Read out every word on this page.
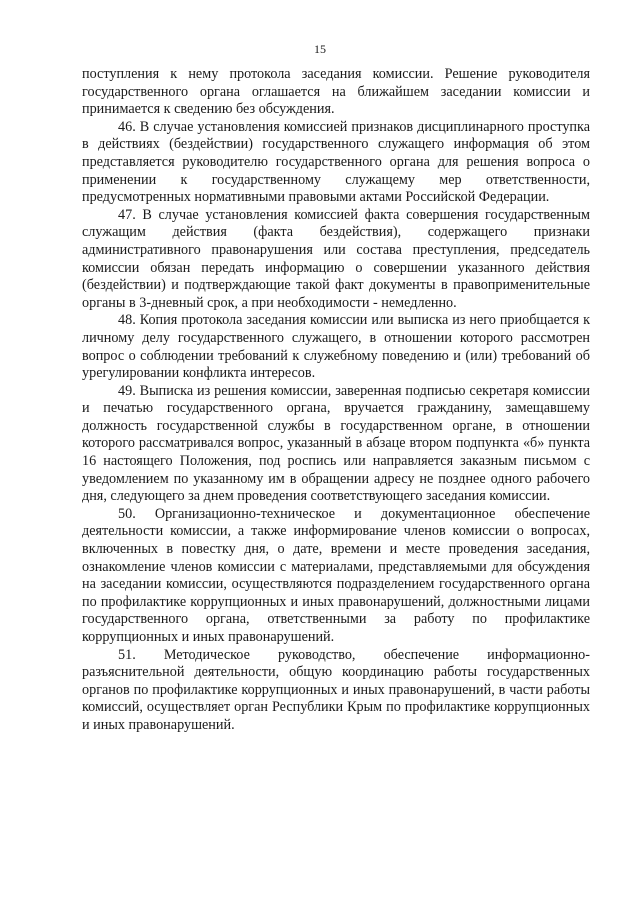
15

поступления к нему протокола заседания комиссии. Решение руководителя государственного органа оглашается на ближайшем заседании комиссии и принимается к сведению без обсуждения.

46. В случае установления комиссией признаков дисциплинарного проступка в действиях (бездействии) государственного служащего информация об этом представляется руководителю государственного органа для решения вопроса о применении к государственному служащему мер ответственности, предусмотренных нормативными правовыми актами Российской Федерации.

47. В случае установления комиссией факта совершения государственным служащим действия (факта бездействия), содержащего признаки административного правонарушения или состава преступления, председатель комиссии обязан передать информацию о совершении указанного действия (бездействии) и подтверждающие такой факт документы в правоприменительные органы в 3-дневный срок, а при необходимости - немедленно.

48. Копия протокола заседания комиссии или выписка из него приобщается к личному делу государственного служащего, в отношении которого рассмотрен вопрос о соблюдении требований к служебному поведению и (или) требований об урегулировании конфликта интересов.

49. Выписка из решения комиссии, заверенная подписью секретаря комиссии и печатью государственного органа, вручается гражданину, замещавшему должность государственной службы в государственном органе, в отношении которого рассматривался вопрос, указанный в абзаце втором подпункта «б» пункта 16 настоящего Положения, под роспись или направляется заказным письмом с уведомлением по указанному им в обращении адресу не позднее одного рабочего дня, следующего за днем проведения соответствующего заседания комиссии.

50. Организационно-техническое и документационное обеспечение деятельности комиссии, а также информирование членов комиссии о вопросах, включенных в повестку дня, о дате, времени и месте проведения заседания, ознакомление членов комиссии с материалами, представляемыми для обсуждения на заседании комиссии, осуществляются подразделением государственного органа по профилактике коррупционных и иных правонарушений, должностными лицами государственного органа, ответственными за работу по профилактике коррупционных и иных правонарушений.

51. Методическое руководство, обеспечение информационно-разъяснительной деятельности, общую координацию работы государственных органов по профилактике коррупционных и иных правонарушений, в части работы комиссий, осуществляет орган Республики Крым по профилактике коррупционных и иных правонарушений.
